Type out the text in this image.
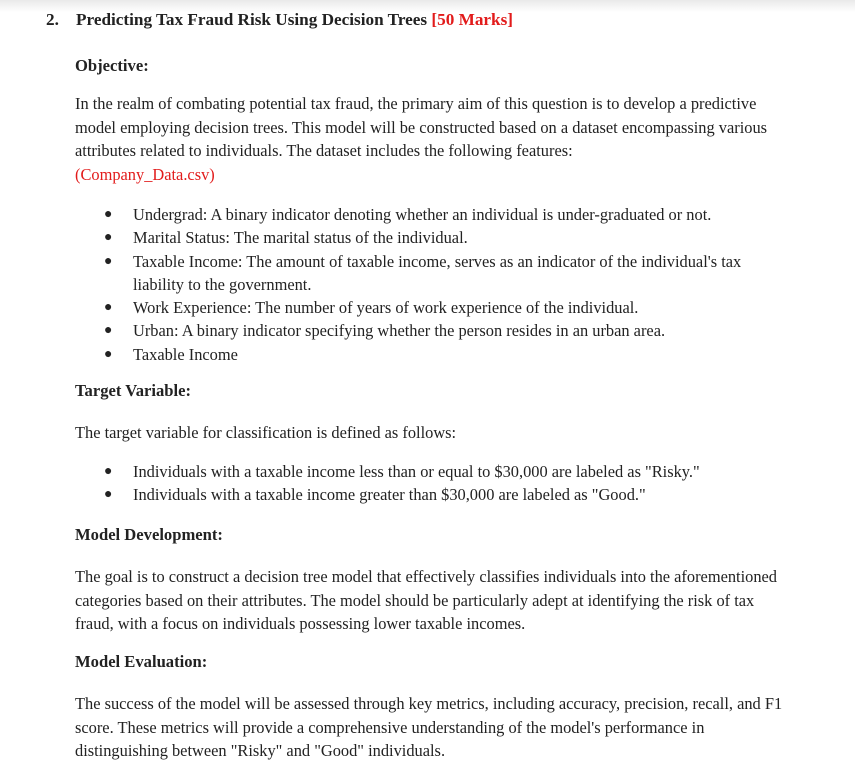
2. Predicting Tax Fraud Risk Using Decision Trees [50 Marks]
Objective:

In the realm of combating potential tax fraud, the primary aim of this question is to develop a predictive model employing decision trees. This model will be constructed based on a dataset encompassing various attributes related to individuals. The dataset includes the following features:
(Company_Data.csv)

● Undergrad: A binary indicator denoting whether an individual is under-graduated or not.
● Marital Status: The marital status of the individual.
● Taxable Income: The amount of taxable income, serves as an indicator of the individual's tax liability to the government.
● Work Experience: The number of years of work experience of the individual.
● Urban: A binary indicator specifying whether the person resides in an urban area.
● Taxable Income
Target Variable:

The target variable for classification is defined as follows:

● Individuals with a taxable income less than or equal to $30,000 are labeled as "Risky."
● Individuals with a taxable income greater than $30,000 are labeled as "Good."
Model Development:

The goal is to construct a decision tree model that effectively classifies individuals into the aforementioned categories based on their attributes. The model should be particularly adept at identifying the risk of tax fraud, with a focus on individuals possessing lower taxable incomes.

Model Evaluation:

The success of the model will be assessed through key metrics, including accuracy, precision, recall, and F1 score. These metrics will provide a comprehensive understanding of the model's performance in distinguishing between "Risky" and "Good" individuals.
